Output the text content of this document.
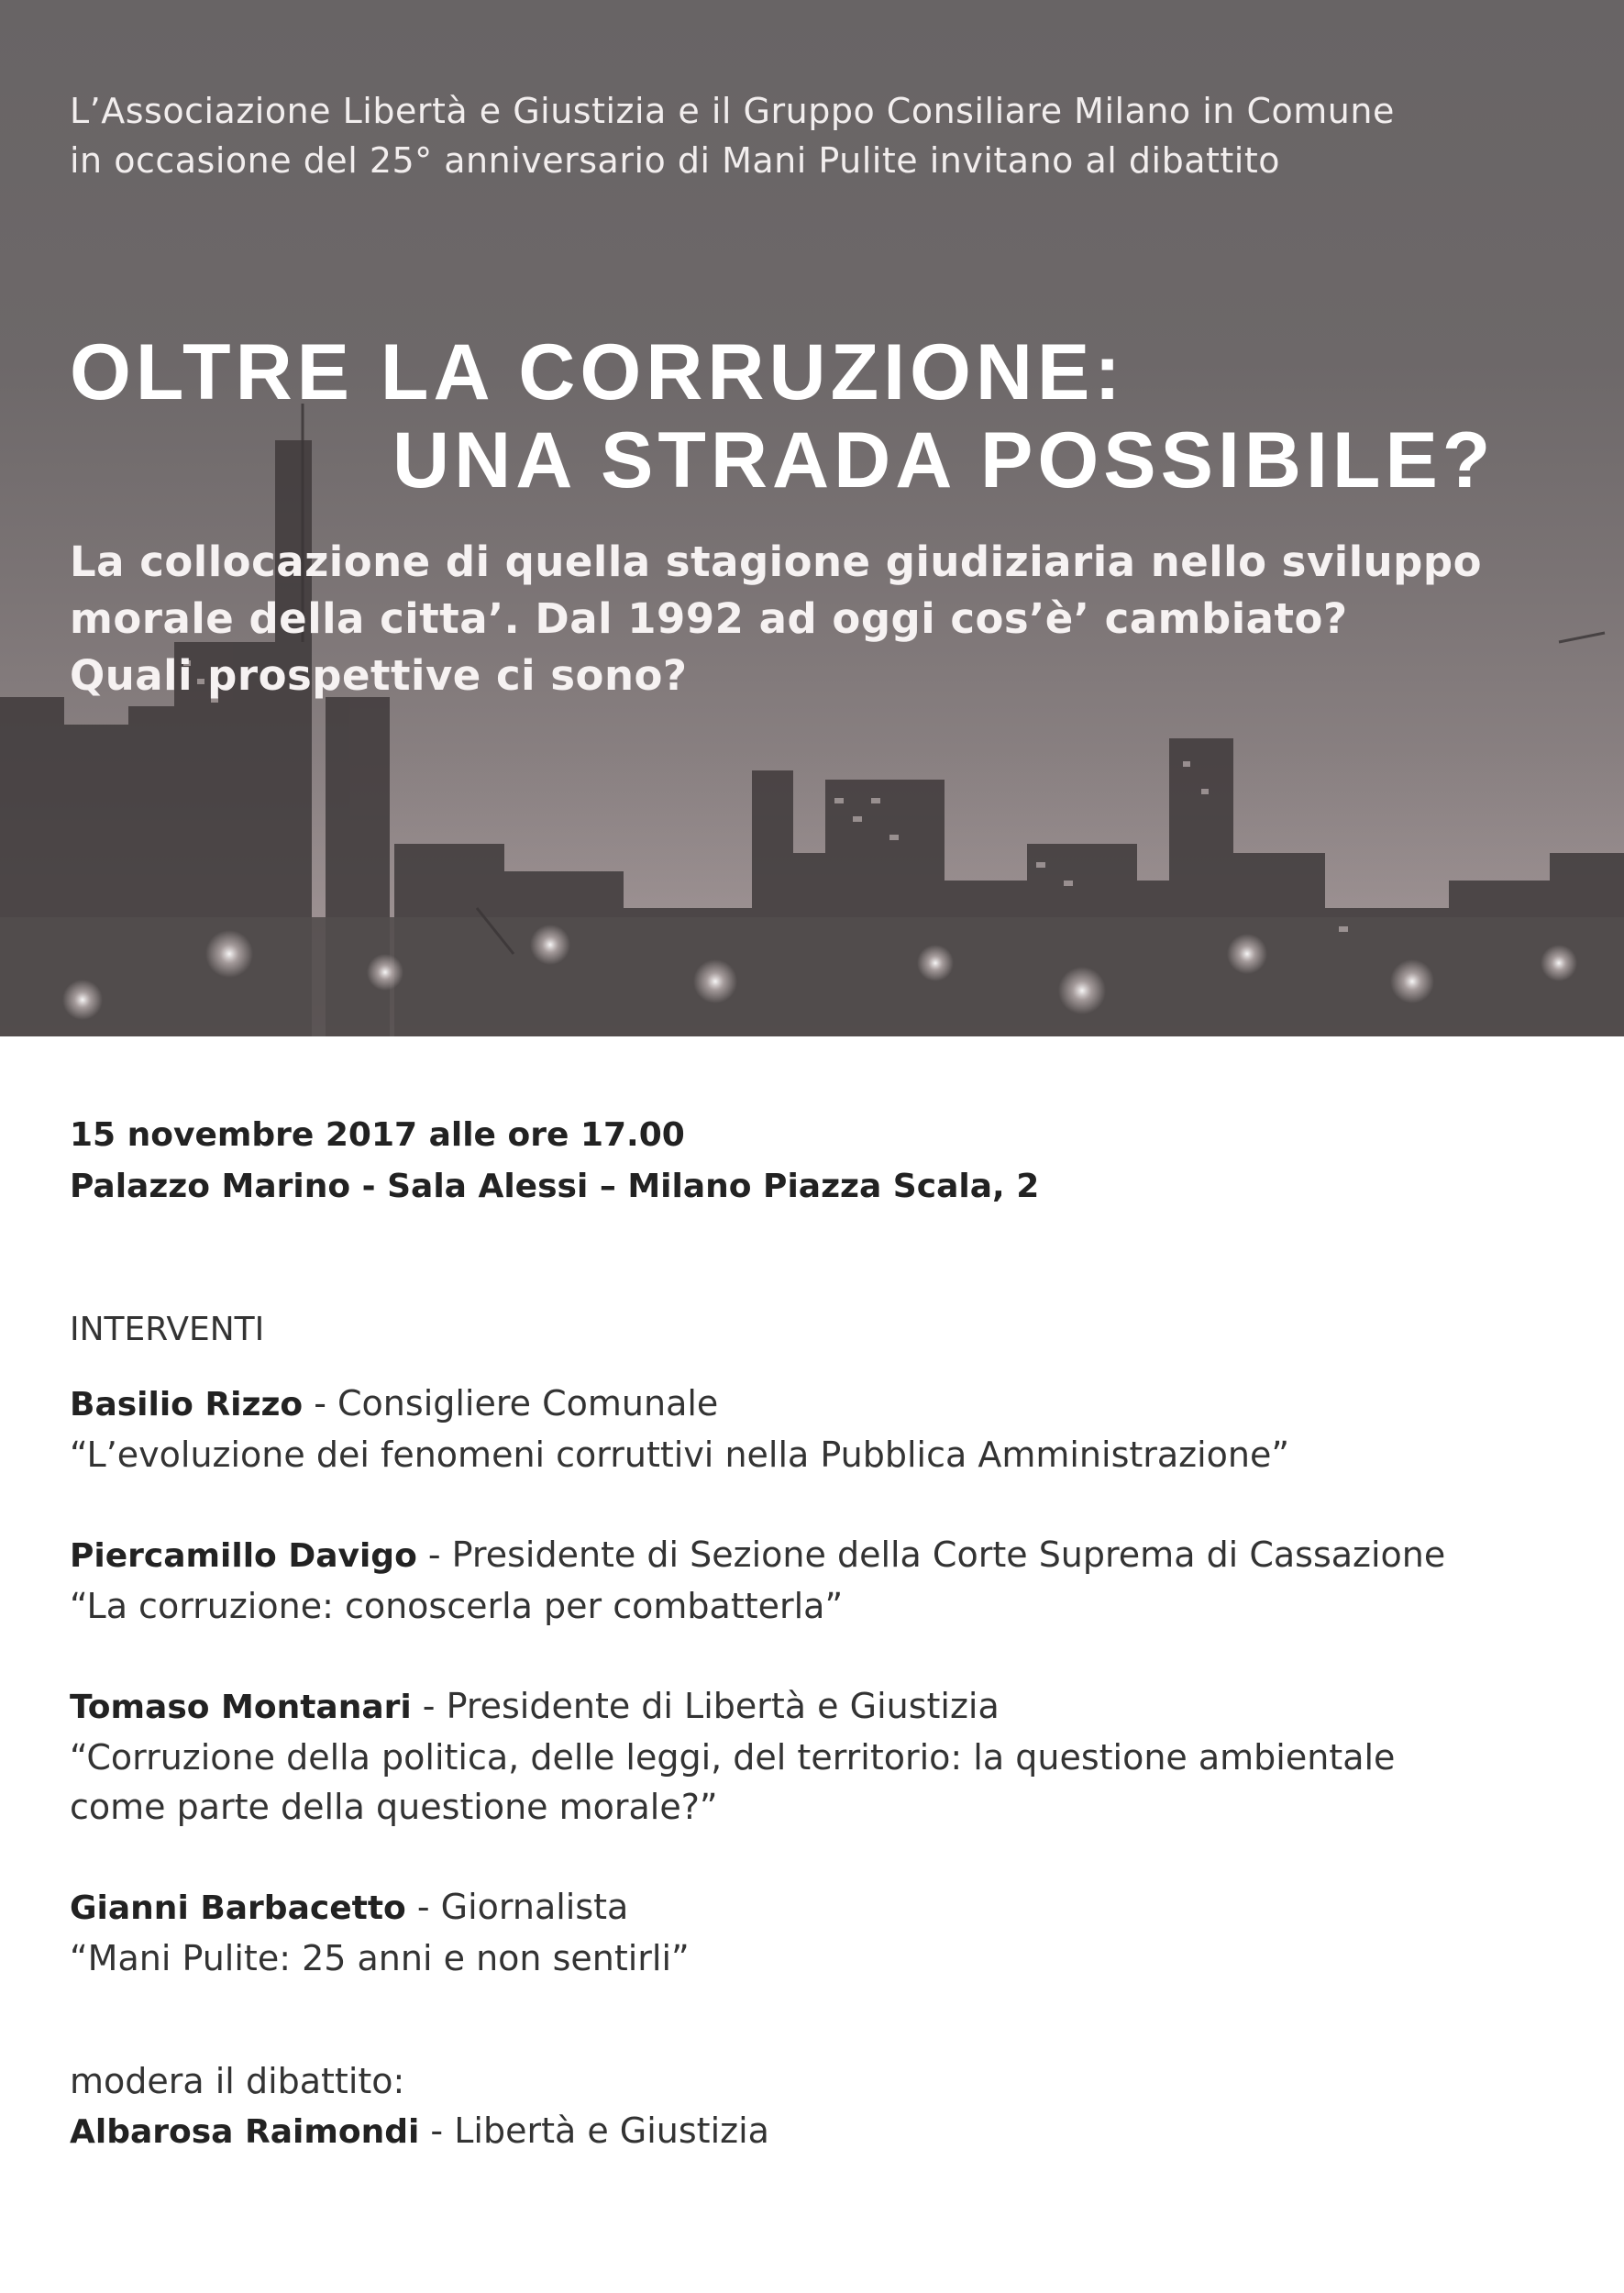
L’Associazione Libertà e Giustizia e il Gruppo Consiliare Milano in Comune
in occasione del 25° anniversario di Mani Pulite invitano al dibattito
OLTRE LA CORRUZIONE:
UNA STRADA POSSIBILE?
La collocazione di quella stagione giudiziaria nello sviluppo
morale della citta’. Dal 1992 ad oggi cos’è’ cambiato?
Quali prospettive ci sono?
15 novembre 2017 alle ore 17.00
Palazzo Marino - Sala Alessi – Milano Piazza Scala, 2
INTERVENTI
Basilio Rizzo - Consigliere Comunale
“L’evoluzione dei fenomeni corruttivi nella Pubblica Amministrazione”
Piercamillo Davigo - Presidente di Sezione della Corte Suprema di Cassazione
“La corruzione: conoscerla per combatterla”
Tomaso Montanari - Presidente di Libertà e Giustizia
“Corruzione della politica, delle leggi, del territorio: la questione ambientale
come parte della questione morale?”
Gianni Barbacetto - Giornalista
“Mani Pulite: 25 anni e non sentirli”
modera il dibattito:
Albarosa Raimondi - Libertà e Giustizia
